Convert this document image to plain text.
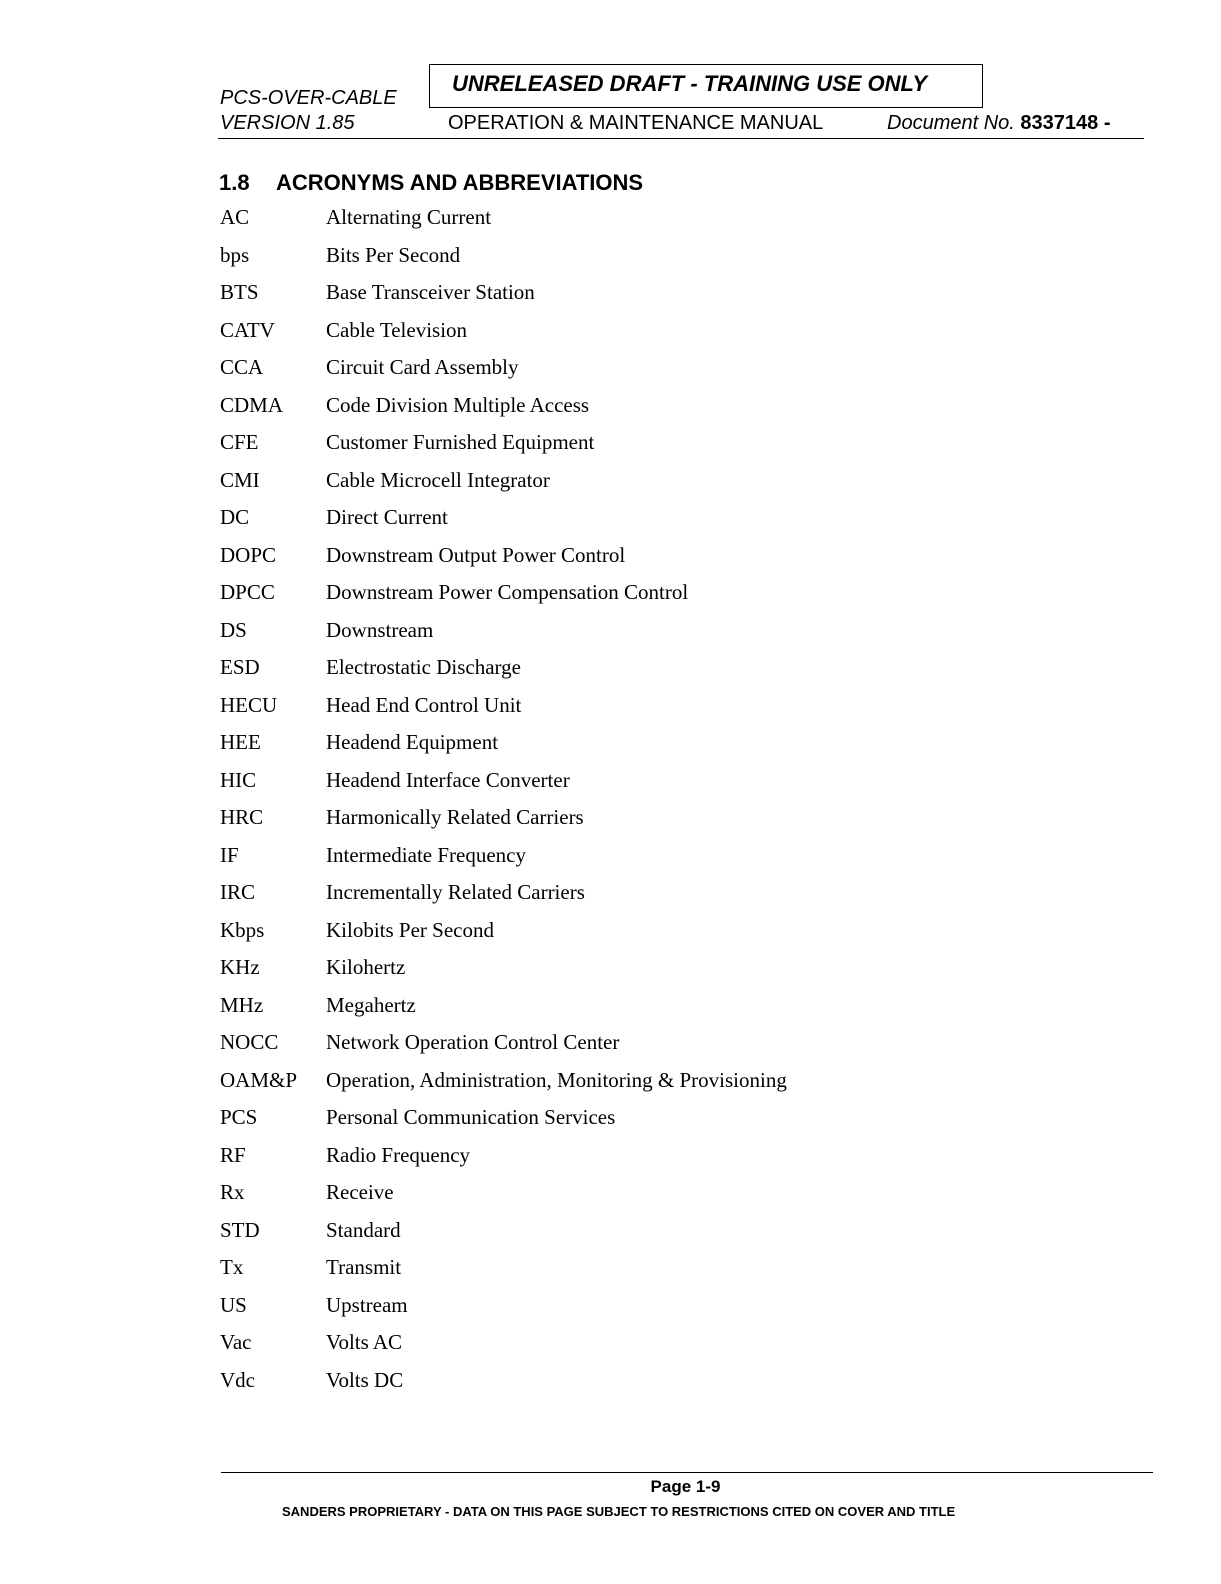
PCS-OVER-CABLE
VERSION 1.85
UNRELEASED DRAFT - TRAINING USE ONLY
OPERATION & MAINTENANCE MANUAL	Document No. 8337148 -
1.8 ACRONYMS AND ABBREVIATIONS
AC	Alternating Current
bps	Bits Per Second
BTS	Base Transceiver Station
CATV	Cable Television
CCA	Circuit Card Assembly
CDMA	Code Division Multiple Access
CFE	Customer Furnished Equipment
CMI	Cable Microcell Integrator
DC	Direct Current
DOPC	Downstream Output Power Control
DPCC	Downstream Power Compensation Control
DS	Downstream
ESD	Electrostatic Discharge
HECU	Head End Control Unit
HEE	Headend Equipment
HIC	Headend Interface Converter
HRC	Harmonically Related Carriers
IF	Intermediate Frequency
IRC	Incrementally Related Carriers
Kbps	Kilobits Per Second
KHz	Kilohertz
MHz	Megahertz
NOCC	Network Operation Control Center
OAM&P	Operation, Administration, Monitoring & Provisioning
PCS	Personal Communication Services
RF	Radio Frequency
Rx	Receive
STD	Standard
Tx	Transmit
US	Upstream
Vac	Volts AC
Vdc	Volts DC
Page 1-9
SANDERS PROPRIETARY - DATA ON THIS PAGE SUBJECT TO RESTRICTIONS CITED ON COVER AND TITLE
